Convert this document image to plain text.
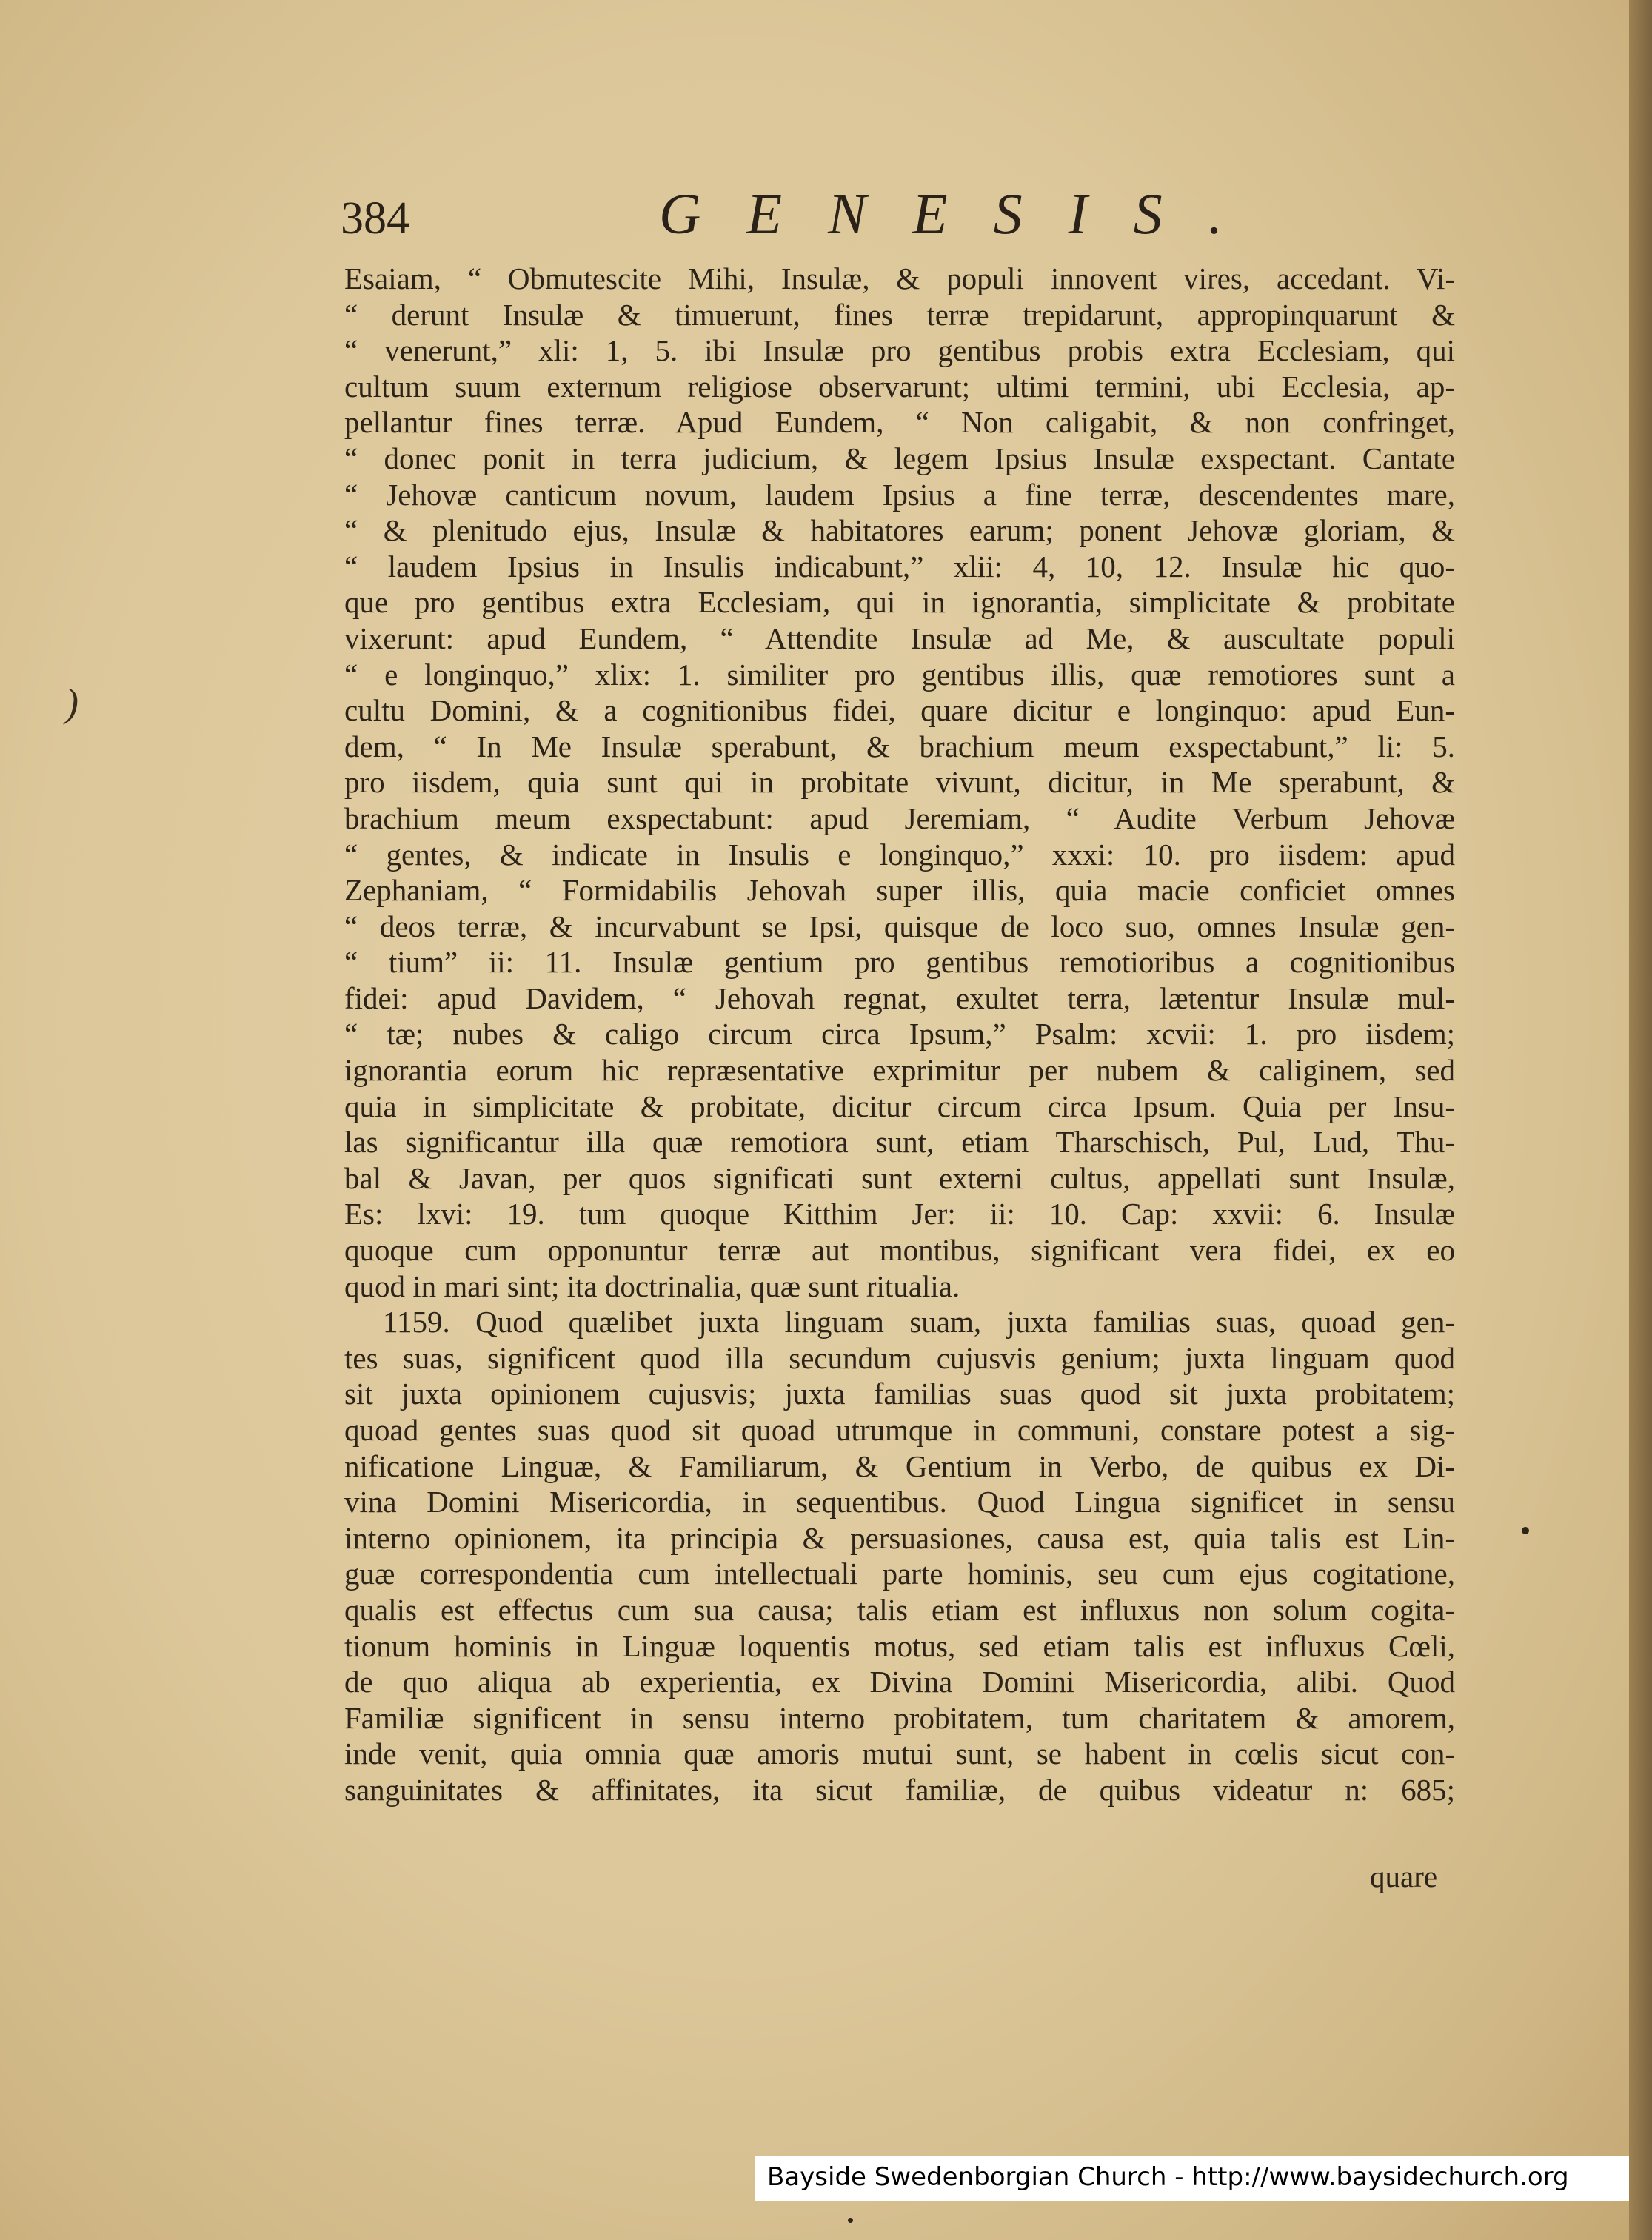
384	GENESIS.
Esaiam, “ Obmutescite Mihi, Insulæ, & populi innovent vires, accedant. Vi-
“ derunt Insulæ & timuerunt, fines terræ trepidarunt, appropinquarunt &
“ venerunt,” xli: 1, 5. ibi Insulæ pro gentibus probis extra Ecclesiam, qui
cultum suum externum religiose observarunt; ultimi termini, ubi Ecclesia, ap-
pellantur fines terræ. Apud Eundem, “ Non caligabit, & non confringet,
“ donec ponit in terra judicium, & legem Ipsius Insulæ exspectant. Cantate
“ Jehovæ canticum novum, laudem Ipsius a fine terræ, descendentes mare,
“ & plenitudo ejus, Insulæ & habitatores earum; ponent Jehovæ gloriam, &
“ laudem Ipsius in Insulis indicabunt,” xlii: 4, 10, 12. Insulæ hic quo-
que pro gentibus extra Ecclesiam, qui in ignorantia, simplicitate & probitate
vixerunt: apud Eundem, “ Attendite Insulæ ad Me, & auscultate populi
“ e longinquo,” xlix: 1. similiter pro gentibus illis, quæ remotiores sunt a
cultu Domini, & a cognitionibus fidei, quare dicitur e longinquo: apud Eun-
dem, “ In Me Insulæ sperabunt, & brachium meum exspectabunt,” li: 5.
pro iisdem, quia sunt qui in probitate vivunt, dicitur, in Me sperabunt, &
brachium meum exspectabunt: apud Jeremiam, “ Audite Verbum Jehovæ
“ gentes, & indicate in Insulis e longinquo,” xxxi: 10. pro iisdem: apud
Zephaniam, “ Formidabilis Jehovah super illis, quia macie conficiet omnes
“ deos terræ, & incurvabunt se Ipsi, quisque de loco suo, omnes Insulæ gen-
“ tium” ii: 11. Insulæ gentium pro gentibus remotioribus a cognitionibus
fidei: apud Davidem, “ Jehovah regnat, exultet terra, lætentur Insulæ mul-
“ tæ; nubes & caligo circum circa Ipsum,” Psalm: xcvii: 1. pro iisdem;
ignorantia eorum hic repræsentative exprimitur per nubem & caliginem, sed
quia in simplicitate & probitate, dicitur circum circa Ipsum. Quia per Insu-
las significantur illa quæ remotiora sunt, etiam Tharschisch, Pul, Lud, Thu-
bal & Javan, per quos significati sunt externi cultus, appellati sunt Insulæ,
Es: lxvi: 19. tum quoque Kitthim Jer: ii: 10. Cap: xxvii: 6. Insulæ
quoque cum opponuntur terræ aut montibus, significant vera fidei, ex eo
quod in mari sint; ita doctrinalia, quæ sunt ritualia.
1159. Quod quælibet juxta linguam suam, juxta familias suas, quoad gen-
tes suas, significent quod illa secundum cujusvis genium; juxta linguam quod
sit juxta opinionem cujusvis; juxta familias suas quod sit juxta probitatem;
quoad gentes suas quod sit quoad utrumque in communi, constare potest a sig-
nificatione Linguæ, & Familiarum, & Gentium in Verbo, de quibus ex Di-
vina Domini Misericordia, in sequentibus. Quod Lingua significet in sensu
interno opinionem, ita principia & persuasiones, causa est, quia talis est Lin-
guæ correspondentia cum intellectuali parte hominis, seu cum ejus cogitatione,
qualis est effectus cum sua causa; talis etiam est influxus non solum cogita-
tionum hominis in Linguæ loquentis motus, sed etiam talis est influxus Cœli,
de quo aliqua ab experientia, ex Divina Domini Misericordia, alibi. Quod
Familiæ significent in sensu interno probitatem, tum charitatem & amorem,
inde venit, quia omnia quæ amoris mutui sunt, se habent in cœlis sicut con-
sanguinitates & affinitates, ita sicut familiæ, de quibus videatur n: 685;
quare
)
Bayside Swedenborgian Church - http://www.baysidechurch.org
